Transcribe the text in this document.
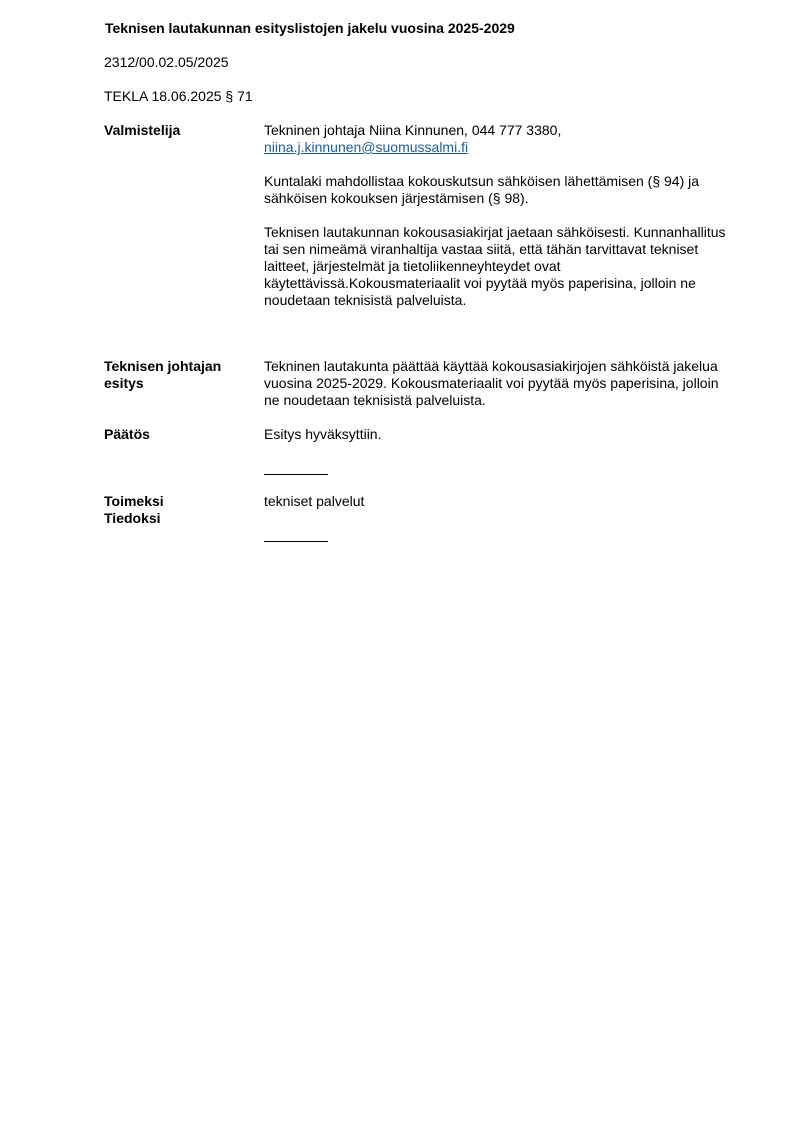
Teknisen lautakunnan esityslistojen jakelu vuosina 2025-2029
2312/00.02.05/2025
TEKLA 18.06.2025 § 71
Valmistelija	Tekninen johtaja Niina Kinnunen, 044 777 3380,

niina.j.kinnunen@suomussalmi.fi

Kuntalaki mahdollistaa kokouskutsun sähköisen lähettämisen (§ 94) ja sähköisen kokouksen järjestämisen (§ 98).

Teknisen lautakunnan kokousasiakirjat jaetaan sähköisesti. Kunnanhallitus tai sen nimeämä viranhaltija vastaa siitä, että tähän tarvittavat tekniset laitteet, järjestelmät ja tietoliikenneyhteydet ovat käytettävissä.Kokousmateriaalit voi pyytää myös paperisina, jolloin ne noudetaan teknisistä palveluista.

Teknisen johtajan
esitys
Tekninen lautakunta päättää käyttää kokousasiakirjojen sähköistä jakelua vuosina 2025-2029. Kokousmateriaalit voi pyytää myös paperisina, jolloin ne noudetaan teknisistä palveluista.
Päätös	Esitys hyväksyttiin.
Toimeksi
Tiedoksi
tekniset palvelut
